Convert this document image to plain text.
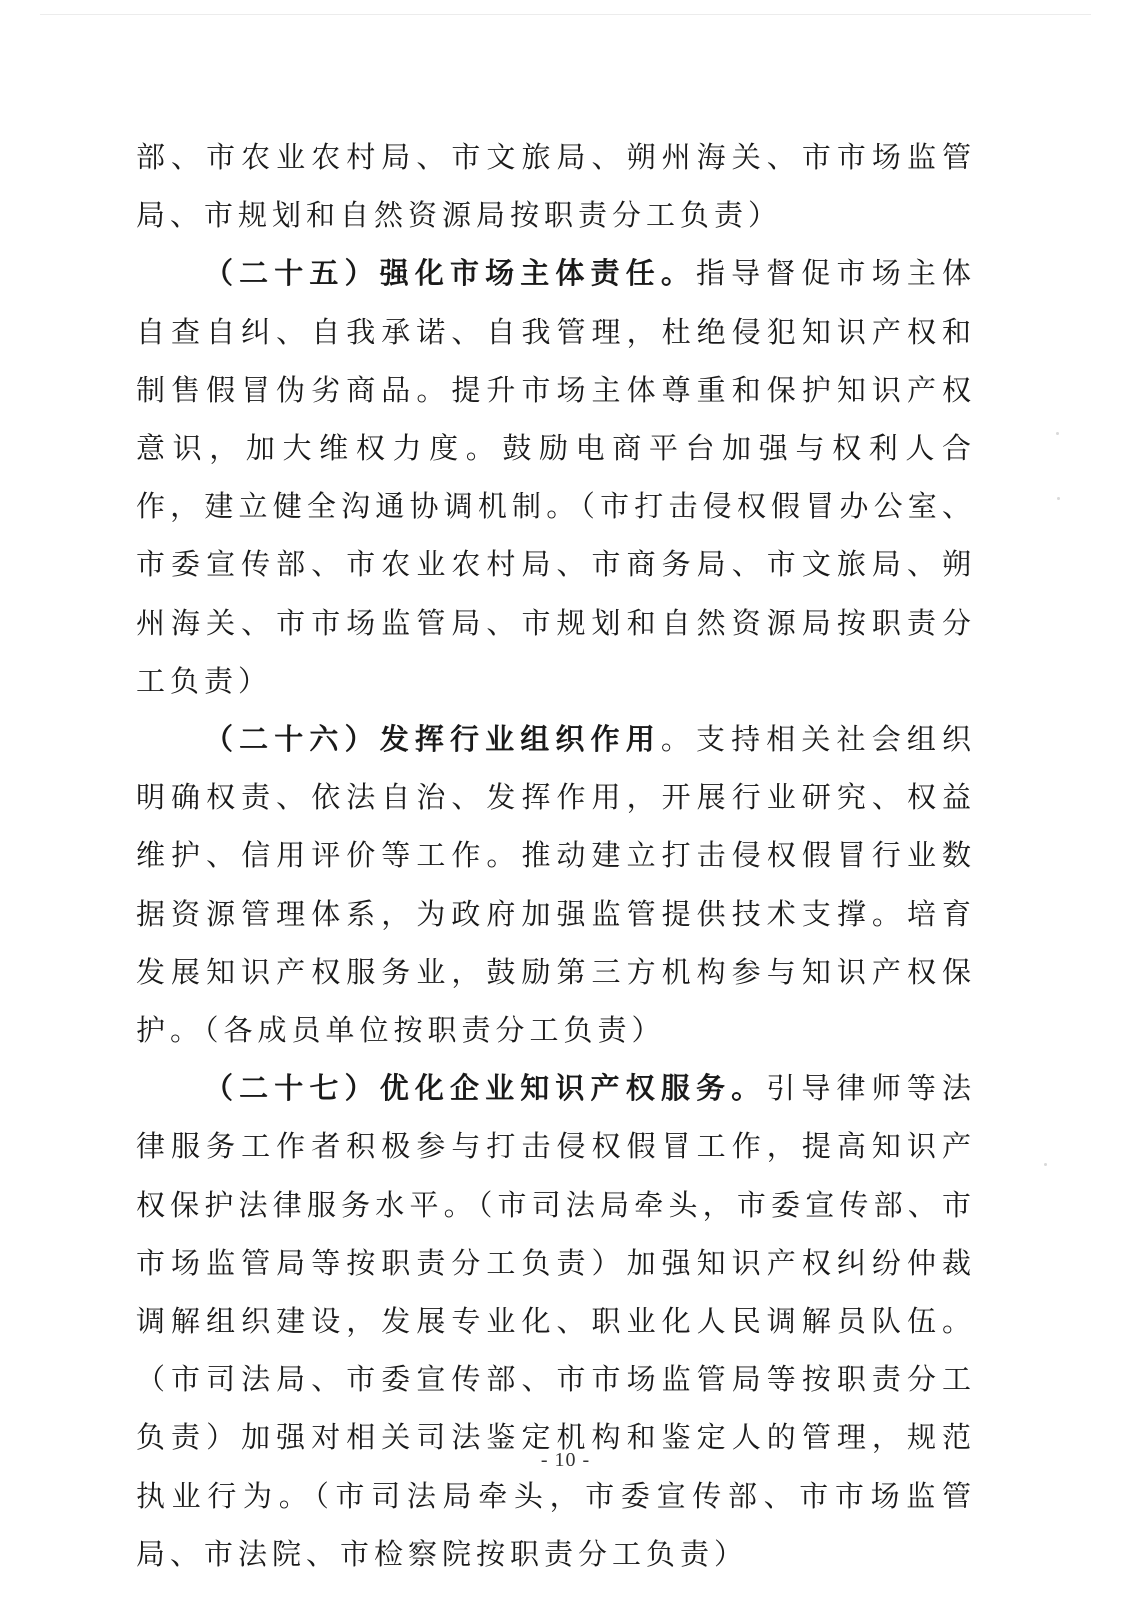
部、市农业农村局、市文旅局、朔州海关、市市场监管局、市规划和自然资源局按职责分工负责）

（二十五）强化市场主体责任。指导督促市场主体自查自纠、自我承诺、自我管理，杜绝侵犯知识产权和制售假冒伪劣商品。提升市场主体尊重和保护知识产权意识，加大维权力度。鼓励电商平台加强与权利人合作，建立健全沟通协调机制。（市打击侵权假冒办公室、市委宣传部、市农业农村局、市商务局、市文旅局、朔州海关、市市场监管局、市规划和自然资源局按职责分工负责）

（二十六）发挥行业组织作用。支持相关社会组织明确权责、依法自治、发挥作用，开展行业研究、权益维护、信用评价等工作。推动建立打击侵权假冒行业数据资源管理体系，为政府加强监管提供技术支撑。培育发展知识产权服务业，鼓励第三方机构参与知识产权保护。（各成员单位按职责分工负责）

（二十七）优化企业知识产权服务。引导律师等法律服务工作者积极参与打击侵权假冒工作，提高知识产权保护法律服务水平。（市司法局牵头，市委宣传部、市市场监管局等按职责分工负责）加强知识产权纠纷仲裁调解组织建设，发展专业化、职业化人民调解员队伍。（市司法局、市委宣传部、市市场监管局等按职责分工负责）加强对相关司法鉴定机构和鉴定人的管理，规范执业行为。（市司法局牵头，市委宣传部、市市场监管局、市法院、市检察院按职责分工负责）

- 10 -
